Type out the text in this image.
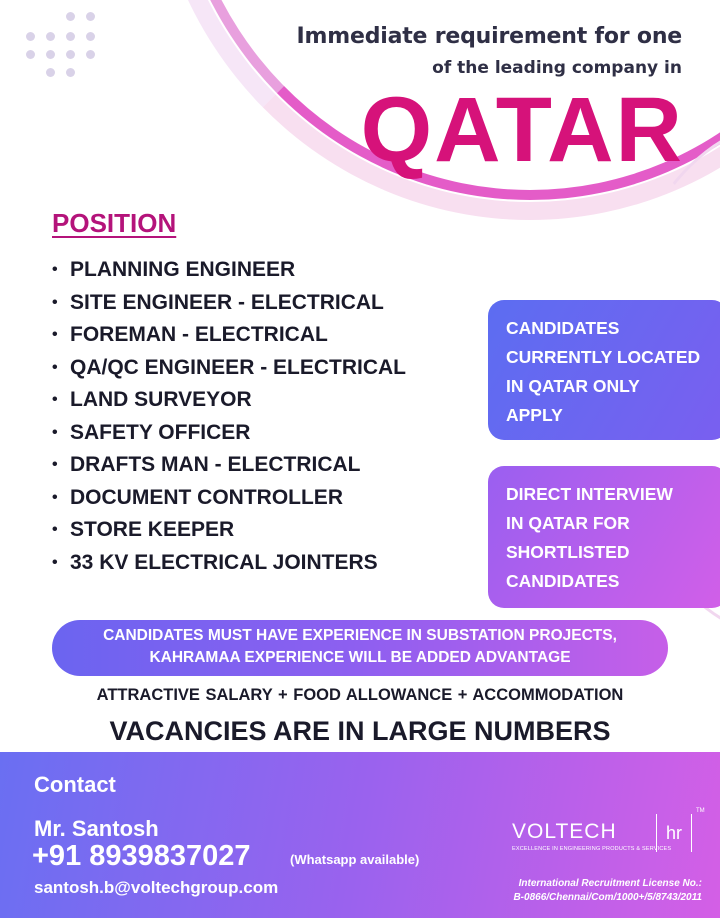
Immediate requirement for one
of the leading company in
QATAR
POSITION
• PLANNING ENGINEER
• SITE ENGINEER - ELECTRICAL
• FOREMAN - ELECTRICAL
• QA/QC ENGINEER - ELECTRICAL
• LAND SURVEYOR
• SAFETY OFFICER
• DRAFTS MAN - ELECTRICAL
• DOCUMENT CONTROLLER
• STORE KEEPER
• 33 KV ELECTRICAL JOINTERS
CANDIDATES
CURRENTLY LOCATED
IN QATAR ONLY
APPLY
DIRECT INTERVIEW
IN QATAR FOR
SHORTLISTED
CANDIDATES
CANDIDATES MUST HAVE EXPERIENCE IN SUBSTATION PROJECTS,
KAHRAMAA EXPERIENCE WILL BE ADDED ADVANTAGE
ATTRACTIVE SALARY + FOOD ALLOWANCE + ACCOMMODATION
VACANCIES ARE IN LARGE NUMBERS
Contact
Mr. Santosh
+91 8939837027	(Whatsapp available)
santosh.b@voltechgroup.com
VOLTECH
EXCELLENCE IN ENGINEERING PRODUCTS & SERVICES
hr
TM
International Recruitment License No.:
B-0866/Chennai/Com/1000+/5/8743/2011
